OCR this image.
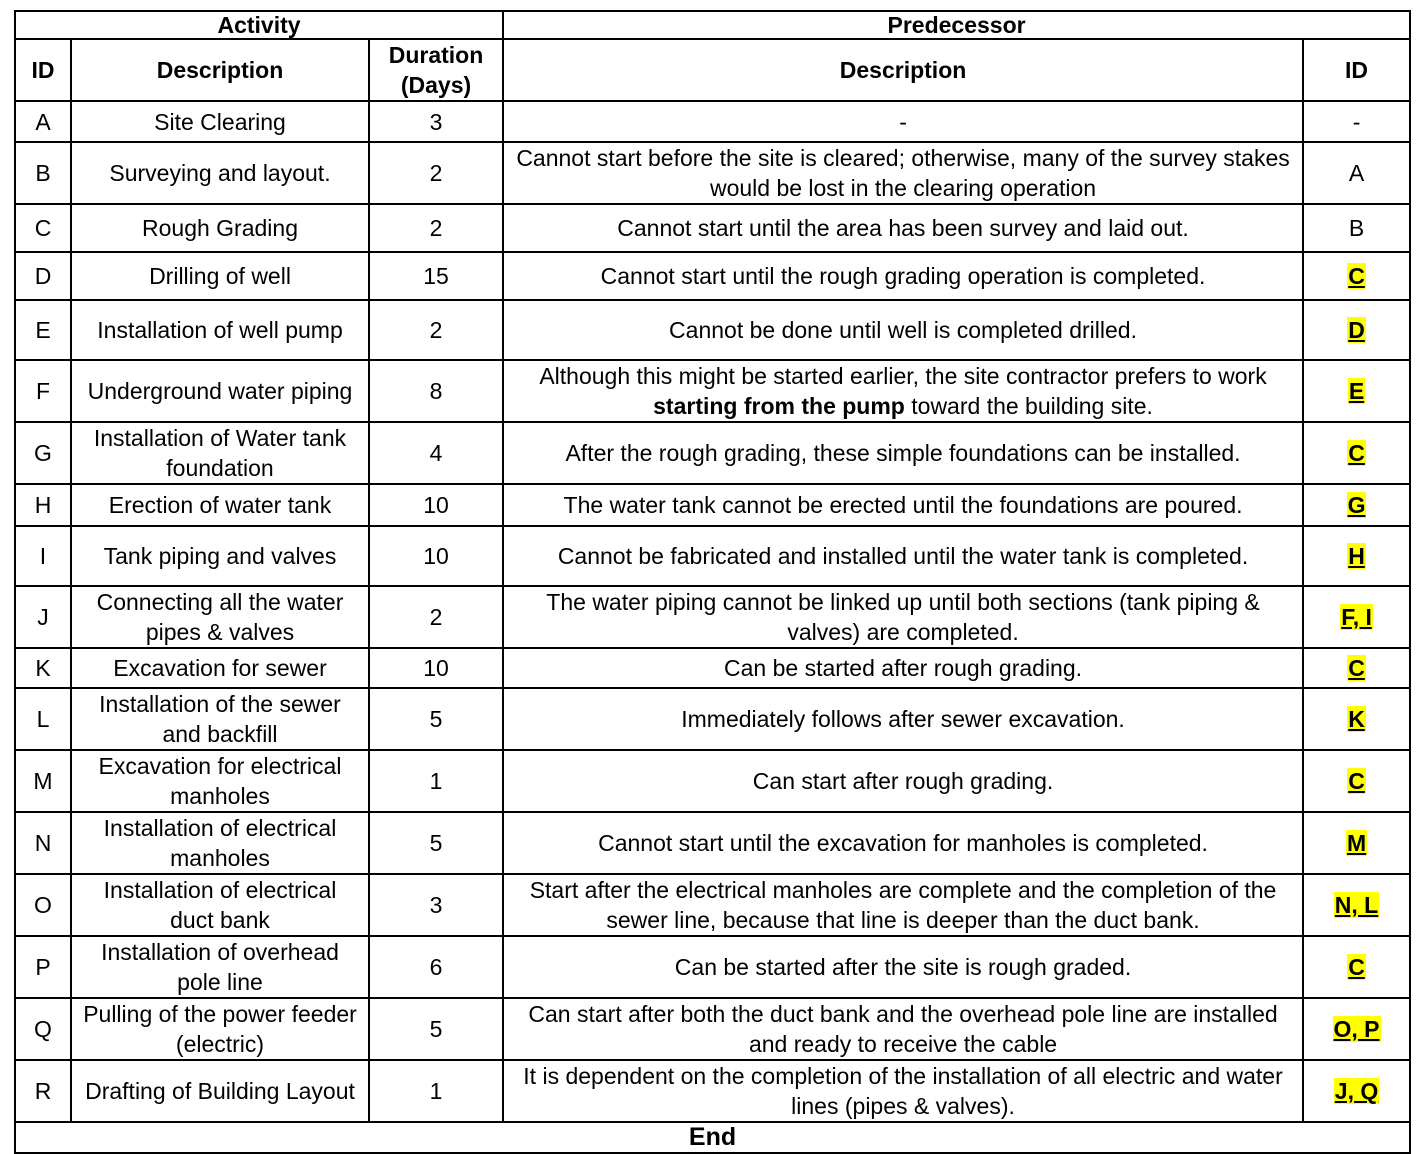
Activity			Predecessor	
ID	Description	Duration (Days)	Description	ID
A	Site Clearing	3	-	-
B	Surveying and layout.	2	Cannot start before the site is cleared; otherwise, many of the survey stakes would be lost in the clearing operation	A
C	Rough Grading	2	Cannot start until the area has been survey and laid out.	B
D	Drilling of well	15	Cannot start until the rough grading operation is completed.	C
E	Installation of well pump	2	Cannot be done until well is completed drilled.	D
F	Underground water piping	8	Although this might be started earlier, the site contractor prefers to work starting from the pump toward the building site.	E
G	Installation of Water tank foundation	4	After the rough grading, these simple foundations can be installed.	C
H	Erection of water tank	10	The water tank cannot be erected until the foundations are poured.	G
I	Tank piping and valves	10	Cannot be fabricated and installed until the water tank is completed.	H
J	Connecting all the water pipes & valves	2	The water piping cannot be linked up until both sections (tank piping & valves) are completed.	F, I
K	Excavation for sewer	10	Can be started after rough grading.	C
L	Installation of the sewer and backfill	5	Immediately follows after sewer excavation.	K
M	Excavation for electrical manholes	1	Can start after rough grading.	C
N	Installation of electrical manholes	5	Cannot start until the excavation for manholes is completed.	M
O	Installation of electrical duct bank	3	Start after the electrical manholes are complete and the completion of the sewer line, because that line is deeper than the duct bank.	N, L
P	Installation of overhead pole line	6	Can be started after the site is rough graded.	C
Q	Pulling of the power feeder (electric)	5	Can start after both the duct bank and the overhead pole line are installed and ready to receive the cable	O, P
R	Drafting of Building Layout	1	It is dependent on the completion of the installation of all electric and water lines (pipes & valves).	J, Q
End				
